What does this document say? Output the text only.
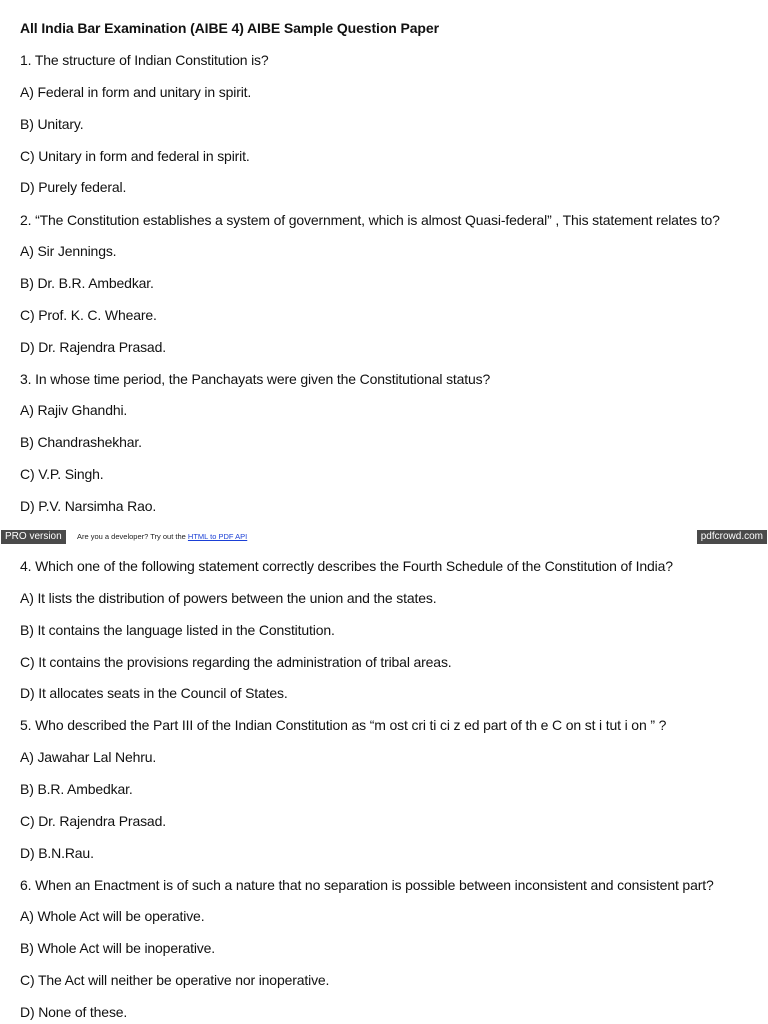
All India Bar Examination (AIBE 4) AIBE Sample Question Paper
1. The structure of Indian Constitution is?
A) Federal in form and unitary in spirit.
B) Unitary.
C) Unitary in form and federal in spirit.
D) Purely federal.
2. “The Constitution establishes a system of government, which is almost Quasi-federal” , This statement relates to?
A) Sir Jennings.
B) Dr. B.R. Ambedkar.
C) Prof. K. C. Wheare.
D) Dr. Rajendra Prasad.
3. In whose time period, the Panchayats were given the Constitutional status?
A) Rajiv Ghandhi.
B) Chandrashekhar.
C) V.P. Singh.
D) P.V. Narsimha Rao.
PRO version	Are you a developer? Try out the HTML to PDF API	pdfcrowd.com
4. Which one of the following statement correctly describes the Fourth Schedule of the Constitution of India?
A) It lists the distribution of powers between the union and the states.
B) It contains the language listed in the Constitution.
C) It contains the provisions regarding the administration of tribal areas.
D) It allocates seats in the Council of States.
5. Who described the Part III of the Indian Constitution as “m ost cri ti ci z ed part of th e C on st i tut i on ” ?
A) Jawahar Lal Nehru.
B) B.R. Ambedkar.
C) Dr. Rajendra Prasad.
D) B.N.Rau.
6. When an Enactment is of such a nature that no separation is possible between inconsistent and consistent part?
A) Whole Act will be operative.
B) Whole Act will be inoperative.
C) The Act will neither be operative nor inoperative.
D) None of these.
